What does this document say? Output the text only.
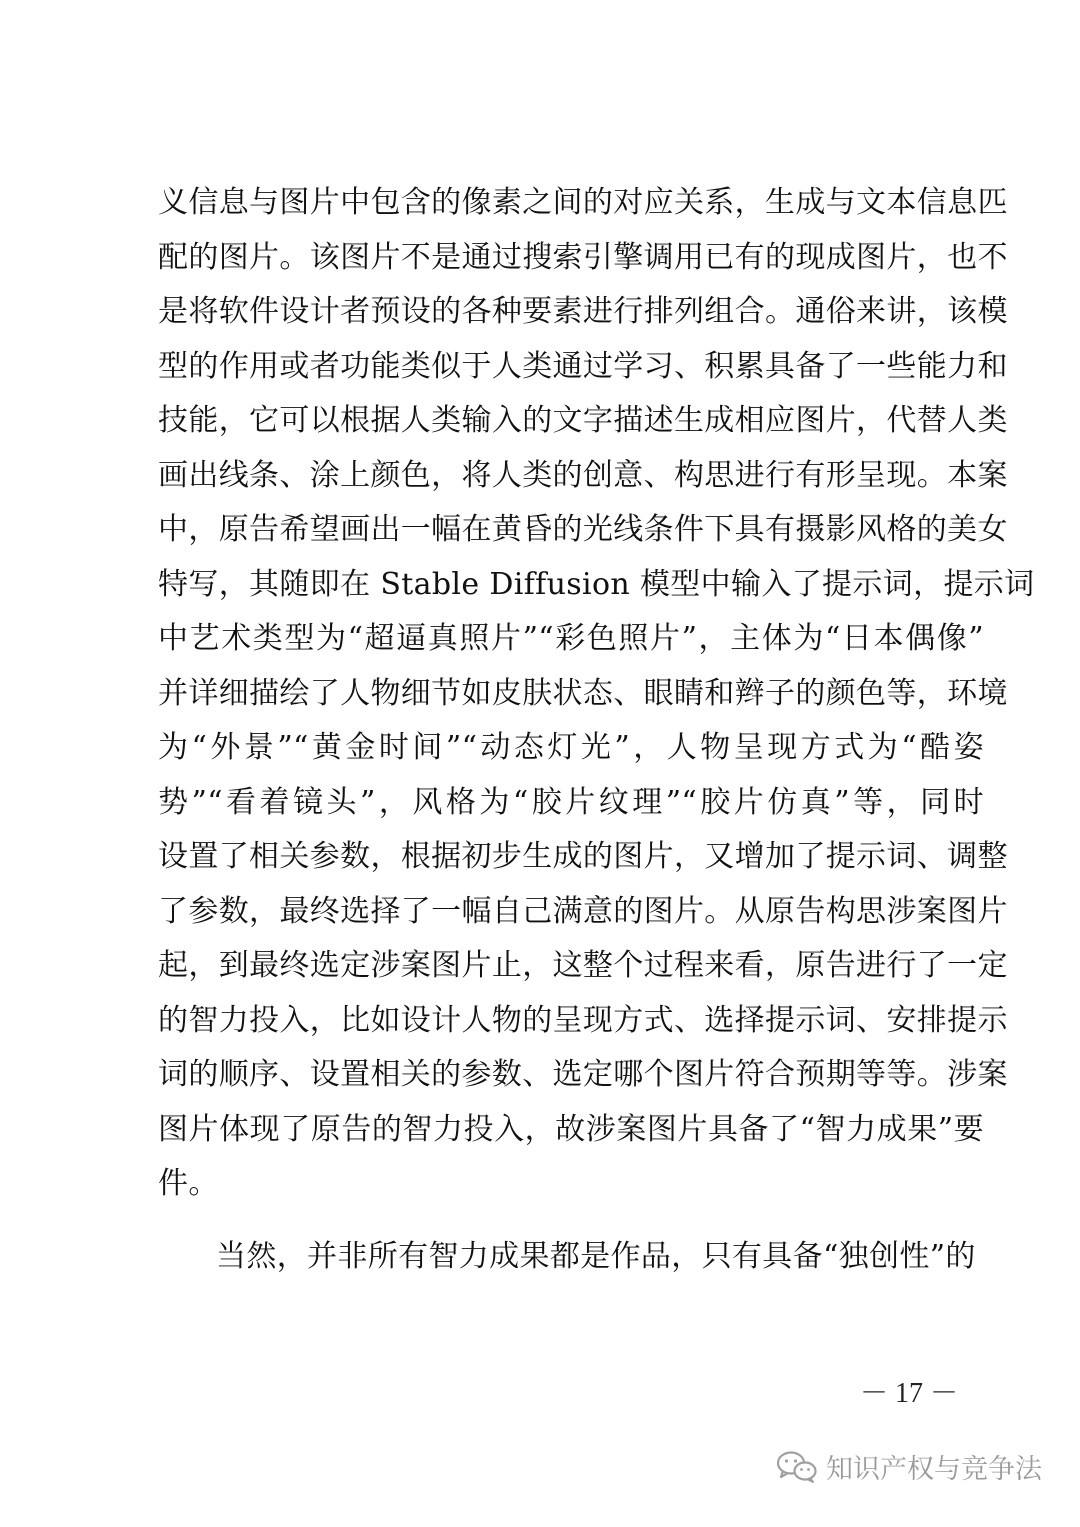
义信息与图片中包含的像素之间的对应关系，生成与文本信息匹
配的图片。该图片不是通过搜索引擎调用已有的现成图片，也不
是将软件设计者预设的各种要素进行排列组合。通俗来讲，该模
型的作用或者功能类似于人类通过学习、积累具备了一些能力和
技能，它可以根据人类输入的文字描述生成相应图片，代替人类
画出线条、涂上颜色，将人类的创意、构思进行有形呈现。本案
中，原告希望画出一幅在黄昏的光线条件下具有摄影风格的美女
特写，其随即在 Stable Diffusion 模型中输入了提示词，提示词
中艺术类型为“超逼真照片”“彩色照片”，主体为“日本偶像”
并详细描绘了人物细节如皮肤状态、眼睛和辫子的颜色等，环境
为“外景”“黄金时间”“动态灯光”，人物呈现方式为“酷姿
势”“看着镜头”，风格为“胶片纹理”“胶片仿真”等，同时
设置了相关参数，根据初步生成的图片，又增加了提示词、调整
了参数，最终选择了一幅自己满意的图片。从原告构思涉案图片
起，到最终选定涉案图片止，这整个过程来看，原告进行了一定
的智力投入，比如设计人物的呈现方式、选择提示词、安排提示
词的顺序、设置相关的参数、选定哪个图片符合预期等等。涉案
图片体现了原告的智力投入，故涉案图片具备了“智力成果”要
件。
当然，并非所有智力成果都是作品，只有具备“独创性”的
－ 17 －
知识产权与竞争法
